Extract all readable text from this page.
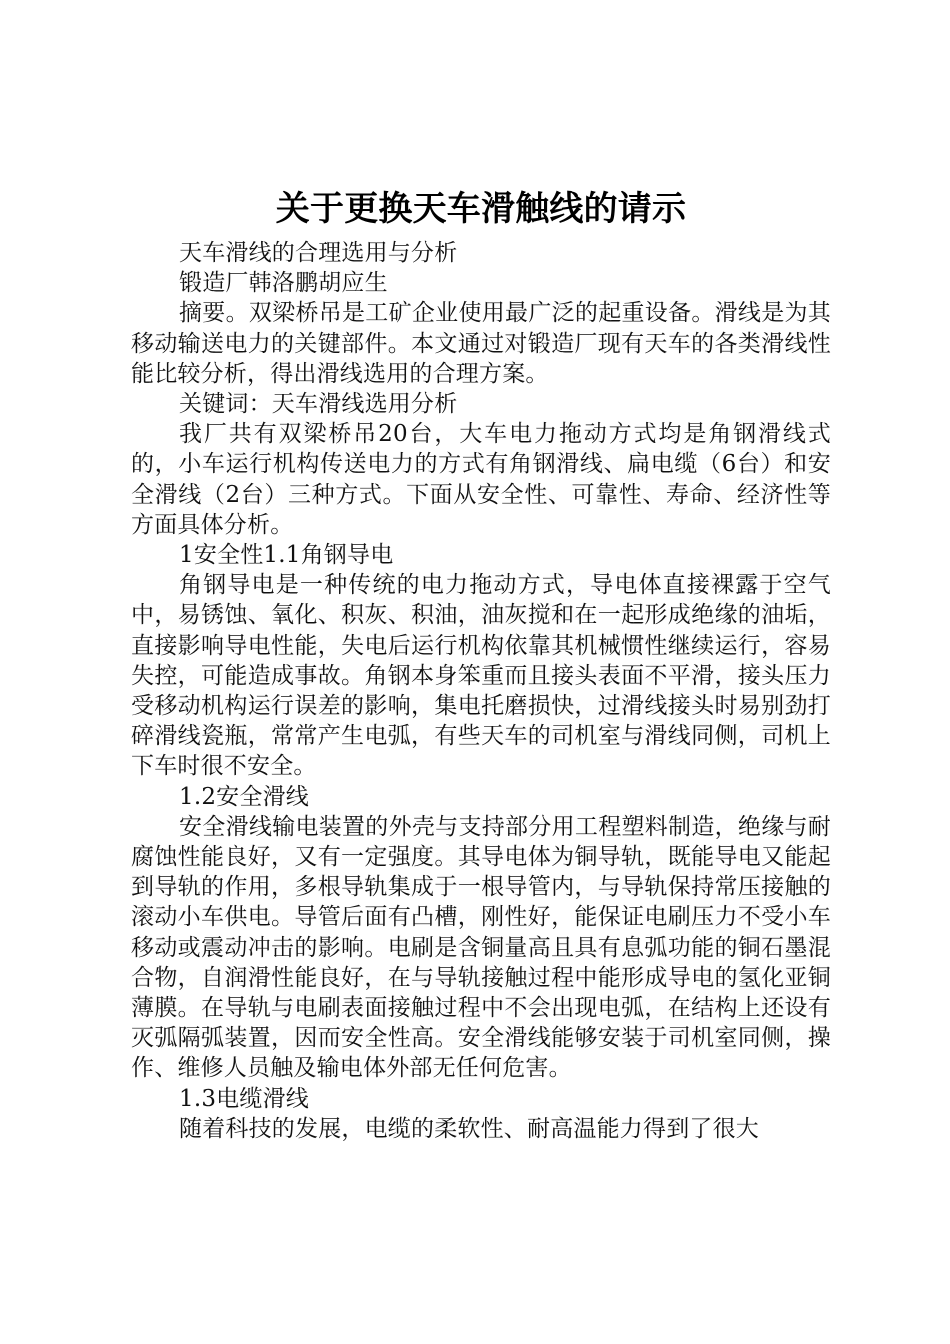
关于更换天车滑触线的请示

天车滑线的合理选用与分析

锻造厂韩洛鹏胡应生

摘要。双梁桥吊是工矿企业使用最广泛的起重设备。滑线是为其移动输送电力的关键部件。本文通过对锻造厂现有天车的各类滑线性能比较分析，得出滑线选用的合理方案。

关键词：天车滑线选用分析

我厂共有双梁桥吊20台，大车电力拖动方式均是角钢滑线式的，小车运行机构传送电力的方式有角钢滑线、扁电缆（6台）和安全滑线（2台）三种方式。下面从安全性、可靠性、寿命、经济性等方面具体分析。

1安全性1.1角钢导电

角钢导电是一种传统的电力拖动方式，导电体直接裸露于空气中，易锈蚀、氧化、积灰、积油，油灰搅和在一起形成绝缘的油垢，直接影响导电性能，失电后运行机构依靠其机械惯性继续运行，容易失控，可能造成事故。角钢本身笨重而且接头表面不平滑，接头压力受移动机构运行误差的影响，集电托磨损快，过滑线接头时易别劲打碎滑线瓷瓶，常常产生电弧，有些天车的司机室与滑线同侧，司机上下车时很不安全。

1.2安全滑线

安全滑线输电装置的外壳与支持部分用工程塑料制造，绝缘与耐腐蚀性能良好，又有一定强度。其导电体为铜导轨，既能导电又能起到导轨的作用，多根导轨集成于一根导管内，与导轨保持常压接触的滚动小车供电。导管后面有凸槽，刚性好，能保证电刷压力不受小车移动或震动冲击的影响。电刷是含铜量高且具有息弧功能的铜石墨混合物，自润滑性能良好，在与导轨接触过程中能形成导电的氢化亚铜薄膜。在导轨与电刷表面接触过程中不会出现电弧，在结构上还设有灭弧隔弧装置，因而安全性高。安全滑线能够安装于司机室同侧，操作、维修人员触及输电体外部无任何危害。

1.3电缆滑线

随着科技的发展，电缆的柔软性、耐高温能力得到了很大
